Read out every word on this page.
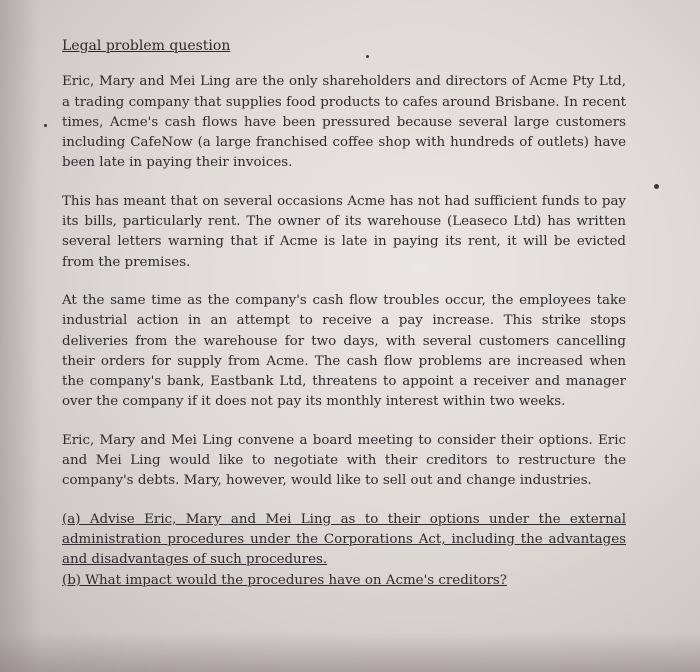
Legal problem question

Eric, Mary and Mei Ling are the only shareholders and directors of Acme Pty Ltd, a trading company that supplies food products to cafes around Brisbane. In recent times, Acme's cash flows have been pressured because several large customers including CafeNow (a large franchised coffee shop with hundreds of outlets) have been late in paying their invoices.

This has meant that on several occasions Acme has not had sufficient funds to pay its bills, particularly rent. The owner of its warehouse (Leaseco Ltd) has written several letters warning that if Acme is late in paying its rent, it will be evicted from the premises.

At the same time as the company's cash flow troubles occur, the employees take industrial action in an attempt to receive a pay increase. This strike stops deliveries from the warehouse for two days, with several customers cancelling their orders for supply from Acme. The cash flow problems are increased when the company's bank, Eastbank Ltd, threatens to appoint a receiver and manager over the company if it does not pay its monthly interest within two weeks.

Eric, Mary and Mei Ling convene a board meeting to consider their options. Eric and Mei Ling would like to negotiate with their creditors to restructure the company's debts. Mary, however, would like to sell out and change industries.

(a) Advise Eric, Mary and Mei Ling as to their options under the external administration procedures under the Corporations Act, including the advantages and disadvantages of such procedures.

(b) What impact would the procedures have on Acme's creditors?
